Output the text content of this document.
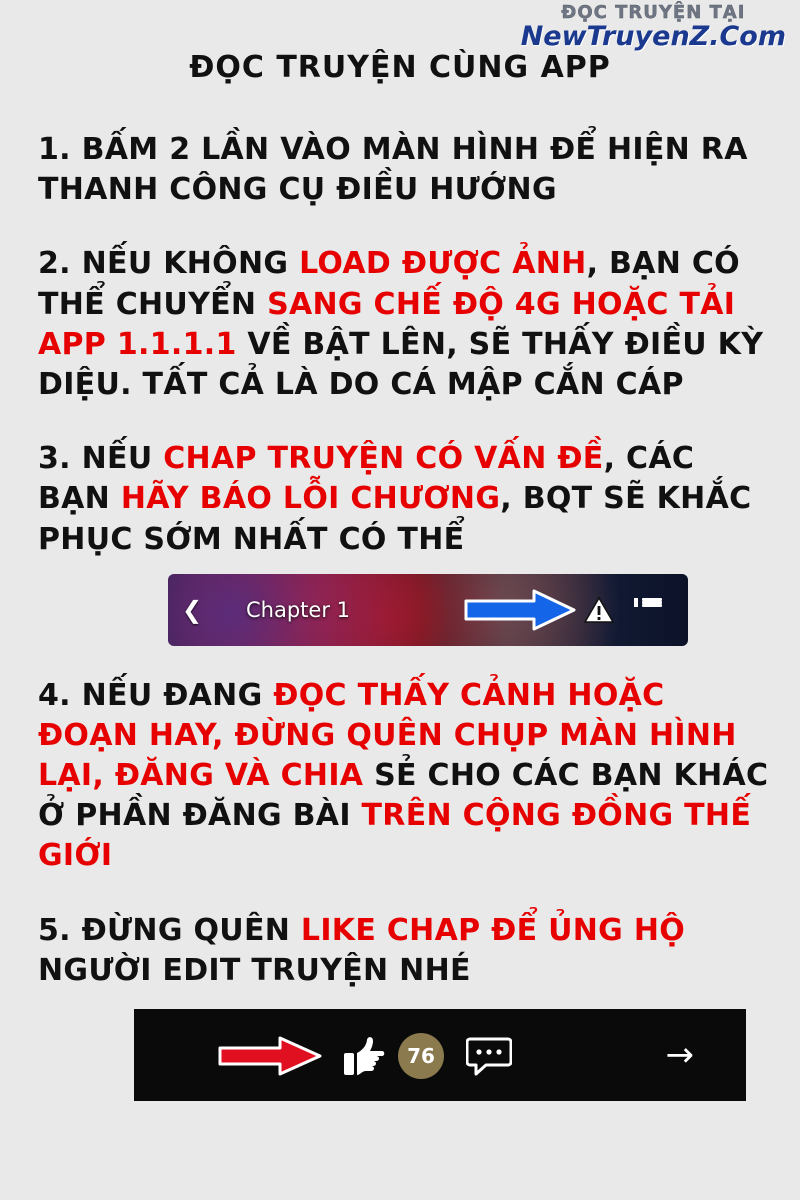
ĐỌC TRUYỆN TẠI
NewTruyenZ.Com
ĐỌC TRUYỆN CÙNG APP
1. BẤM 2 LẦN VÀO MÀN HÌNH ĐỂ HIỆN RA THANH CÔNG CỤ ĐIỀU HƯỚNG
2. NẾU KHÔNG LOAD ĐƯỢC ẢNH, BẠN CÓ THỂ CHUYỂN SANG CHẾ ĐỘ 4G HOẶC TẢI APP 1.1.1.1 VỀ BẬT LÊN, SẼ THẤY ĐIỀU KỲ DIỆU. TẤT CẢ LÀ DO CÁ MẬP CẮN CÁP
3. NẾU CHAP TRUYỆN CÓ VẤN ĐỀ, CÁC BẠN HÃY BÁO LỖI CHƯƠNG, BQT SẼ KHẮC PHỤC SỚM NHẤT CÓ THỂ
❮ Chapter 1
4. NẾU ĐANG ĐỌC THẤY CẢNH HOẶC ĐOẠN HAY, ĐỪNG QUÊN CHỤP MÀN HÌNH LẠI, ĐĂNG VÀ CHIA SẺ CHO CÁC BẠN KHÁC Ở PHẦN ĐĂNG BÀI TRÊN CỘNG ĐỒNG THẾ GIỚI
5. ĐỪNG QUÊN LIKE CHAP ĐỂ ỦNG HỘ NGƯỜI EDIT TRUYỆN NHÉ
76	→
